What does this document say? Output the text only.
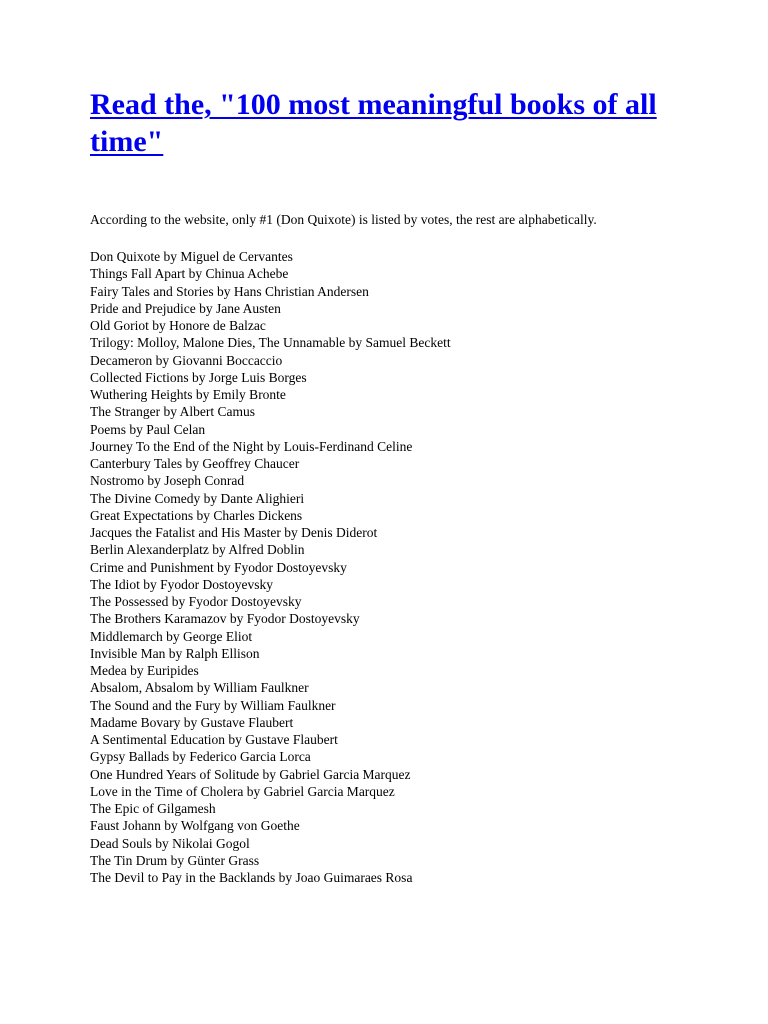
Read the, "100 most meaningful books of all time"

According to the website, only #1 (Don Quixote) is listed by votes, the rest are alphabetically.

Don Quixote by Miguel de Cervantes
Things Fall Apart by Chinua Achebe
Fairy Tales and Stories by Hans Christian Andersen
Pride and Prejudice by Jane Austen
Old Goriot by Honore de Balzac
Trilogy: Molloy, Malone Dies, The Unnamable by Samuel Beckett
Decameron by Giovanni Boccaccio
Collected Fictions by Jorge Luis Borges
Wuthering Heights by Emily Bronte
The Stranger by Albert Camus
Poems by Paul Celan
Journey To the End of the Night by Louis-Ferdinand Celine
Canterbury Tales by Geoffrey Chaucer
Nostromo by Joseph Conrad
The Divine Comedy by Dante Alighieri
Great Expectations by Charles Dickens
Jacques the Fatalist and His Master by Denis Diderot
Berlin Alexanderplatz by Alfred Doblin
Crime and Punishment by Fyodor Dostoyevsky
The Idiot by Fyodor Dostoyevsky
The Possessed by Fyodor Dostoyevsky
The Brothers Karamazov by Fyodor Dostoyevsky
Middlemarch by George Eliot
Invisible Man by Ralph Ellison
Medea by Euripides
Absalom, Absalom by William Faulkner
The Sound and the Fury by William Faulkner
Madame Bovary by Gustave Flaubert
A Sentimental Education by Gustave Flaubert
Gypsy Ballads by Federico Garcia Lorca
One Hundred Years of Solitude by Gabriel Garcia Marquez
Love in the Time of Cholera by Gabriel Garcia Marquez
The Epic of Gilgamesh
Faust Johann by Wolfgang von Goethe
Dead Souls by Nikolai Gogol
The Tin Drum by Günter Grass
The Devil to Pay in the Backlands by Joao Guimaraes Rosa
